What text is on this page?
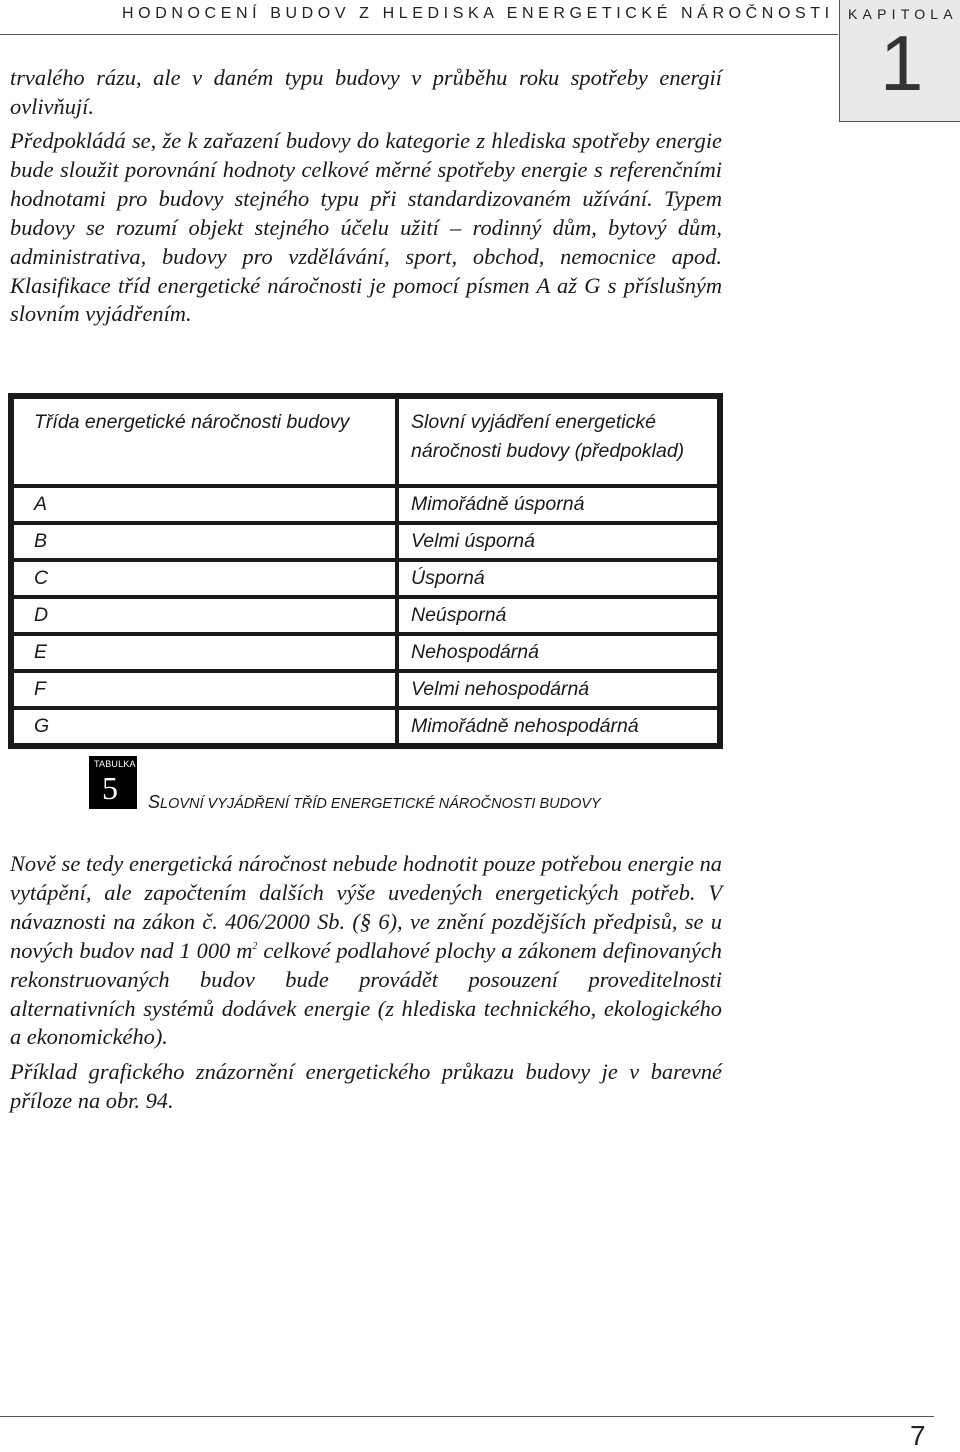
HODNOCENÍ BUDOV Z HLEDISKA ENERGETICKÉ NÁROČNOSTI KAPITOLA
1

trvalého rázu, ale v daném typu budovy v průběhu roku spotřeby energií ovlivňují.

Předpokládá se, že k zařazení budovy do kategorie z hlediska spotřeby energie bude sloužit porovnání hodnoty celkové měrné spotřeby energie s referenčními hodnotami pro budovy stejného typu při standardizovaném užívání. Typem budovy se rozumí objekt stejného účelu užití – rodinný dům, bytový dům, administrativa, budovy pro vzdělávání, sport, obchod, nemocnice apod. Klasifikace tříd energetické náročnosti je pomocí písmen A až G s příslušným slovním vyjádřením.

Třída energetické náročnosti budovy	Slovní vyjádření energetické náročnosti budovy (předpoklad)
A	Mimořádně úsporná
B	Velmi úsporná
C	Úsporná
D	Neúsporná
E	Nehospodárná
F	Velmi nehospodárná
G	Mimořádně nehospodárná
TABULKA
5 SLOVNÍ VYJÁDŘENÍ TŘÍD ENERGETICKÉ NÁROČNOSTI BUDOVY

Nově se tedy energetická náročnost nebude hodnotit pouze potřebou energie na vytápění, ale započtením dalších výše uvedených energetických potřeb. V návaznosti na zákon č. 406/2000 Sb. (§ 6), ve znění pozdějších předpisů, se u nových budov nad 1 000 $m^2$ celkové podlahové plochy a zákonem definovaných rekonstruovaných budov bude provádět posouzení proveditelnosti alternativních systémů dodávek energie (z hlediska technického, ekologického a ekonomického).

Příklad grafického znázornění energetického průkazu budovy je v barevné příloze na obr. 94.

7
